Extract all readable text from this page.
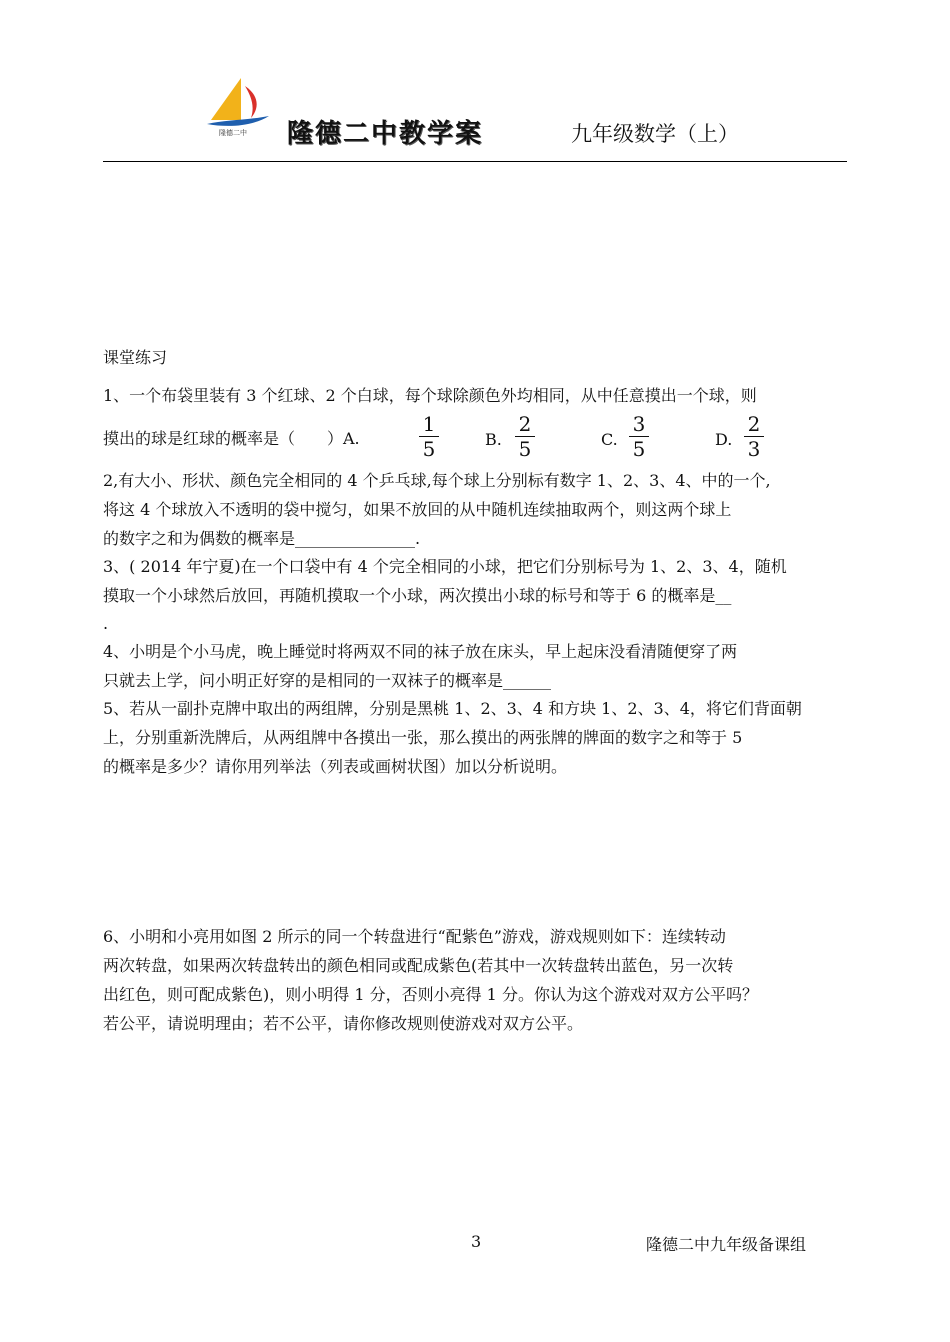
隆德二中 隆德二中教学案	九年级数学（上）
课堂练习
1、一个布袋里装有 3 个红球、2 个白球，每个球除颜色外均相同，从中任意摸出一个球，则
摸出的球是红球的概率是（　　）A.
1
5	B.
2
5	C.
3
5	D.
2
3
2,有大小、形状、颜色完全相同的 4 个乒乓球,每个球上分别标有数字 1、2、3、4、中的一个,
将这 4 个球放入不透明的袋中搅匀，如果不放回的从中随机连续抽取两个，则这两个球上
的数字之和为偶数的概率是_______________.
3、( 2014 年宁夏)在一个口袋中有 4 个完全相同的小球，把它们分别标号为 1、2、3、4，随机
摸取一个小球然后放回，再随机摸取一个小球，两次摸出小球的标号和等于 6 的概率是__
.
4、小明是个小马虎，晚上睡觉时将两双不同的袜子放在床头，早上起床没看清随便穿了两
只就去上学，问小明正好穿的是相同的一双袜子的概率是______
5、若从一副扑克牌中取出的两组牌，分别是黑桃 1、2、3、4 和方块 1、2、3、4，将它们背面朝
上，分别重新洗牌后，从两组牌中各摸出一张，那么摸出的两张牌的牌面的数字之和等于 5
的概率是多少？请你用列举法（列表或画树状图）加以分析说明。
6、小明和小亮用如图 2 所示的同一个转盘进行“配紫色”游戏，游戏规则如下：连续转动
两次转盘，如果两次转盘转出的颜色相同或配成紫色(若其中一次转盘转出蓝色，另一次转
出红色，则可配成紫色)，则小明得 1 分，否则小亮得 1 分。你认为这个游戏对双方公平吗？
若公平，请说明理由；若不公平，请你修改规则使游戏对双方公平。
3	隆德二中九年级备课组
